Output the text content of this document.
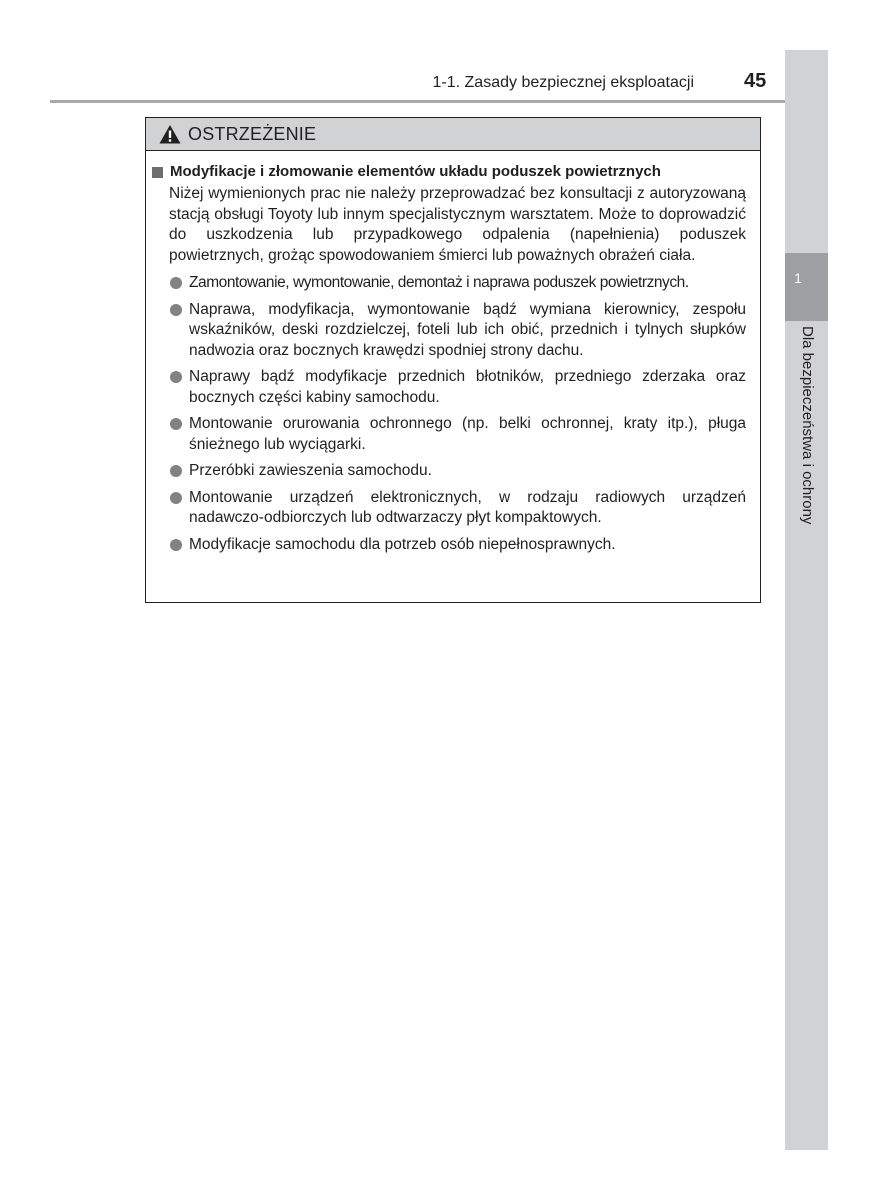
1
Dla bezpieczeństwa i ochrony
1-1. Zasady bezpiecznej eksploatacji	45
OSTRZEŻENIE
Modyfikacje i złomowanie elementów układu poduszek powietrznych
Niżej wymienionych prac nie należy przeprowadzać bez konsultacji z autoryzowaną stacją obsługi Toyoty lub innym specjalistycznym warsztatem. Może to doprowadzić do uszkodzenia lub przypadkowego odpalenia (napełnienia) poduszek powietrznych, grożąc spowodowaniem śmierci lub poważnych obrażeń ciała.
Zamontowanie, wymontowanie, demontaż i naprawa poduszek powietrznych.
Naprawa, modyfikacja, wymontowanie bądź wymiana kierownicy, zespołu wskaźników, deski rozdzielczej, foteli lub ich obić, przednich i tylnych słupków nadwozia oraz bocznych krawędzi spodniej strony dachu.
Naprawy bądź modyfikacje przednich błotników, przedniego zderzaka oraz bocznych części kabiny samochodu.
Montowanie orurowania ochronnego (np. belki ochronnej, kraty itp.), pługa śnieżnego lub wyciągarki.
Przeróbki zawieszenia samochodu.
Montowanie urządzeń elektronicznych, w rodzaju radiowych urządzeń nadawczo-odbiorczych lub odtwarzaczy płyt kompaktowych.
Modyfikacje samochodu dla potrzeb osób niepełnosprawnych.
